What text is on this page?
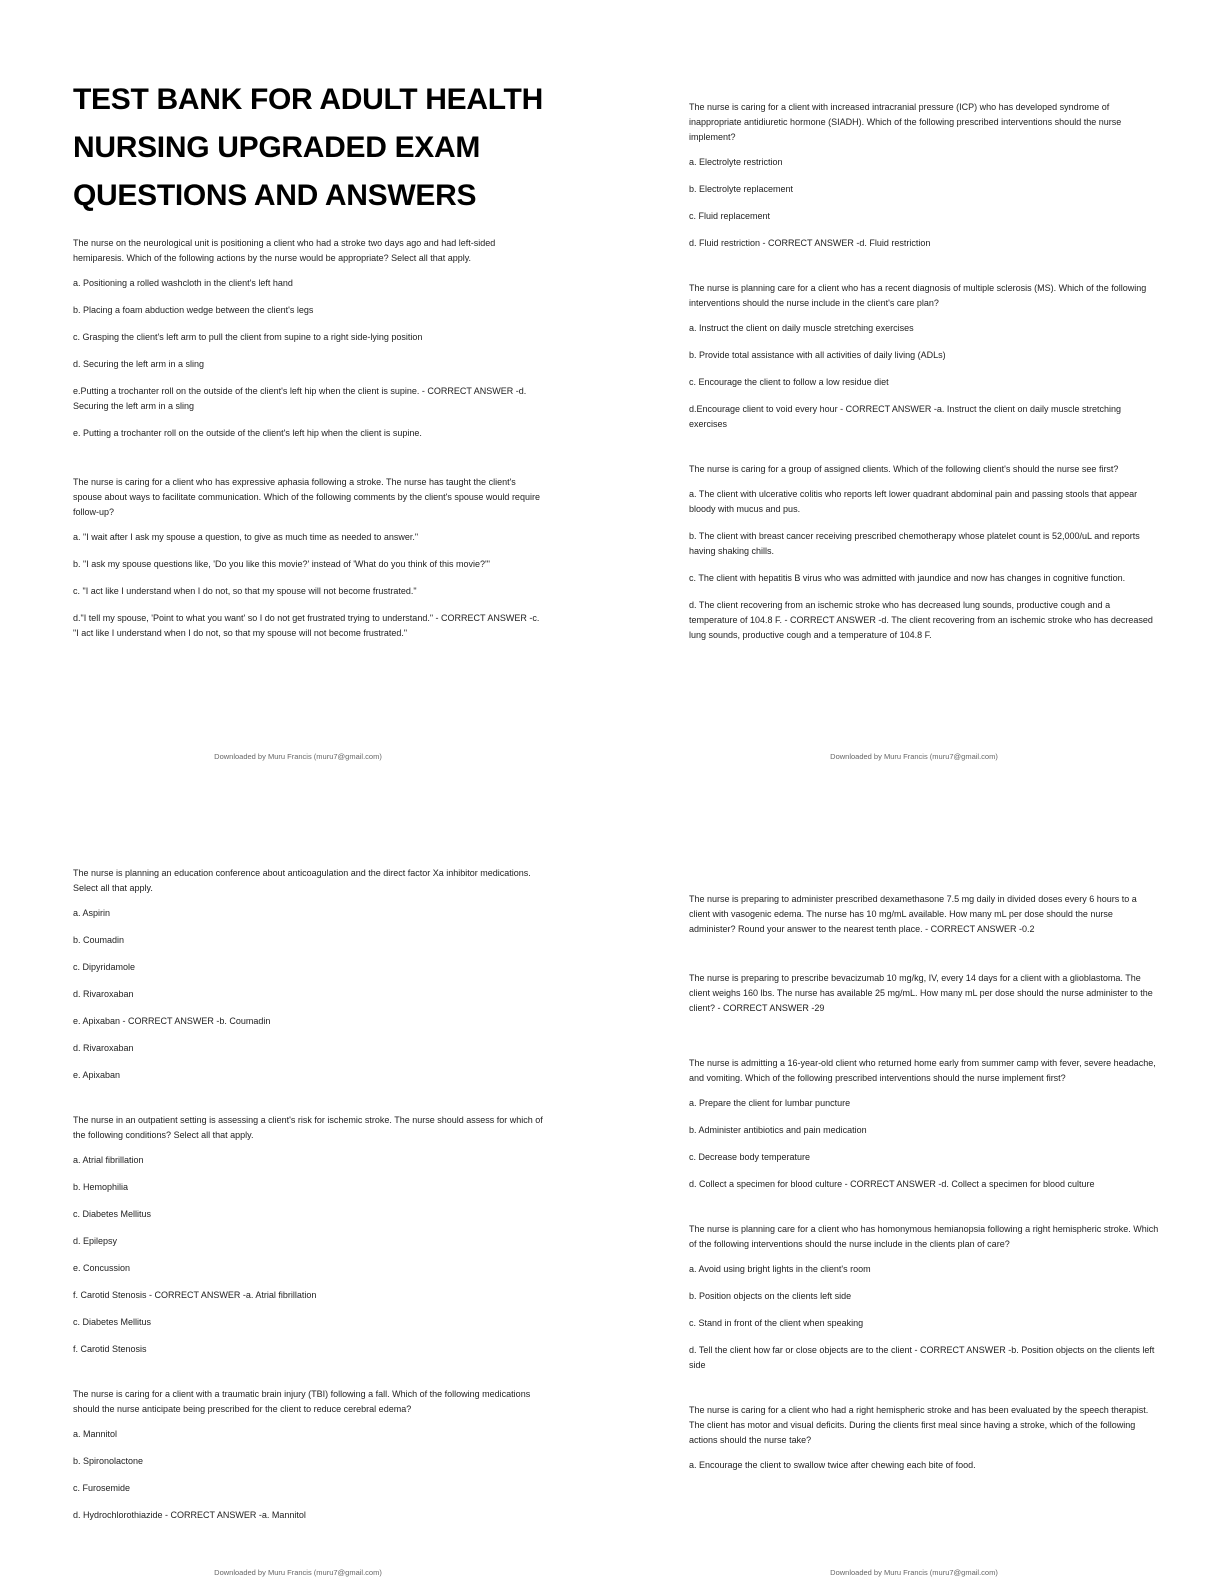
TEST BANK FOR ADULT HEALTH NURSING UPGRADED EXAM QUESTIONS AND ANSWERS

The nurse on the neurological unit is positioning a client who had a stroke two days ago and had left-sided hemiparesis. Which of the following actions by the nurse would be appropriate? Select all that apply.

a. Positioning a rolled washcloth in the client's left hand

b. Placing a foam abduction wedge between the client's legs

c. Grasping the client's left arm to pull the client from supine to a right side-lying position

d. Securing the left arm in a sling

e.Putting a trochanter roll on the outside of the client's left hip when the client is supine. - CORRECT ANSWER -d. Securing the left arm in a sling

e. Putting a trochanter roll on the outside of the client's left hip when the client is supine.

The nurse is caring for a client who has expressive aphasia following a stroke. The nurse has taught the client's spouse about ways to facilitate communication. Which of the following comments by the client's spouse would require follow-up?

a. "I wait after I ask my spouse a question, to give as much time as needed to answer."

b. "I ask my spouse questions like, 'Do you like this movie?' instead of 'What do you think of this movie?'"

c. "I act like I understand when I do not, so that my spouse will not become frustrated."

d."I tell my spouse, 'Point to what you want' so I do not get frustrated trying to understand." - CORRECT ANSWER -c. "I act like I understand when I do not, so that my spouse will not become frustrated."

Downloaded by Muru Francis (muru7@gmail.com)

The nurse is caring for a client with increased intracranial pressure (ICP) who has developed syndrome of inappropriate antidiuretic hormone (SIADH). Which of the following prescribed interventions should the nurse implement?

a. Electrolyte restriction

b. Electrolyte replacement

c. Fluid replacement

d. Fluid restriction - CORRECT ANSWER -d. Fluid restriction

The nurse is planning care for a client who has a recent diagnosis of multiple sclerosis (MS). Which of the following interventions should the nurse include in the client's care plan?

a. Instruct the client on daily muscle stretching exercises

b. Provide total assistance with all activities of daily living (ADLs)

c. Encourage the client to follow a low residue diet

d.Encourage client to void every hour - CORRECT ANSWER -a. Instruct the client on daily muscle stretching exercises

The nurse is caring for a group of assigned clients. Which of the following client's should the nurse see first?

a. The client with ulcerative colitis who reports left lower quadrant abdominal pain and passing stools that appear bloody with mucus and pus.

b. The client with breast cancer receiving prescribed chemotherapy whose platelet count is 52,000/uL and reports having shaking chills.

c. The client with hepatitis B virus who was admitted with jaundice and now has changes in cognitive function.

d. The client recovering from an ischemic stroke who has decreased lung sounds, productive cough and a temperature of 104.8 F. - CORRECT ANSWER -d. The client recovering from an ischemic stroke who has decreased lung sounds, productive cough and a temperature of 104.8 F.

Downloaded by Muru Francis (muru7@gmail.com)

The nurse is planning an education conference about anticoagulation and the direct factor Xa inhibitor medications. Select all that apply.

a. Aspirin

b. Coumadin

c. Dipyridamole

d. Rivaroxaban

e. Apixaban - CORRECT ANSWER -b. Coumadin

d. Rivaroxaban

e. Apixaban

The nurse in an outpatient setting is assessing a client's risk for ischemic stroke. The nurse should assess for which of the following conditions? Select all that apply.

a. Atrial fibrillation

b. Hemophilia

c. Diabetes Mellitus

d. Epilepsy

e. Concussion

f. Carotid Stenosis - CORRECT ANSWER -a. Atrial fibrillation

c. Diabetes Mellitus

f. Carotid Stenosis

The nurse is caring for a client with a traumatic brain injury (TBI) following a fall. Which of the following medications should the nurse anticipate being prescribed for the client to reduce cerebral edema?

a. Mannitol

b. Spironolactone

c. Furosemide

d. Hydrochlorothiazide - CORRECT ANSWER -a. Mannitol

Downloaded by Muru Francis (muru7@gmail.com)

The nurse is preparing to administer prescribed dexamethasone 7.5 mg daily in divided doses every 6 hours to a client with vasogenic edema. The nurse has 10 mg/mL available. How many mL per dose should the nurse administer? Round your answer to the nearest tenth place. - CORRECT ANSWER -0.2

The nurse is preparing to prescribe bevacizumab 10 mg/kg, IV, every 14 days for a client with a glioblastoma. The client weighs 160 lbs. The nurse has available 25 mg/mL. How many mL per dose should the nurse administer to the client? - CORRECT ANSWER -29

The nurse is admitting a 16-year-old client who returned home early from summer camp with fever, severe headache, and vomiting. Which of the following prescribed interventions should the nurse implement first?

a. Prepare the client for lumbar puncture

b. Administer antibiotics and pain medication

c. Decrease body temperature

d. Collect a specimen for blood culture - CORRECT ANSWER -d. Collect a specimen for blood culture

The nurse is planning care for a client who has homonymous hemianopsia following a right hemispheric stroke. Which of the following interventions should the nurse include in the clients plan of care?

a. Avoid using bright lights in the client's room

b. Position objects on the clients left side

c. Stand in front of the client when speaking

d. Tell the client how far or close objects are to the client - CORRECT ANSWER -b. Position objects on the clients left side

The nurse is caring for a client who had a right hemispheric stroke and has been evaluated by the speech therapist. The client has motor and visual deficits. During the clients first meal since having a stroke, which of the following actions should the nurse take?

a. Encourage the client to swallow twice after chewing each bite of food.

Downloaded by Muru Francis (muru7@gmail.com)
